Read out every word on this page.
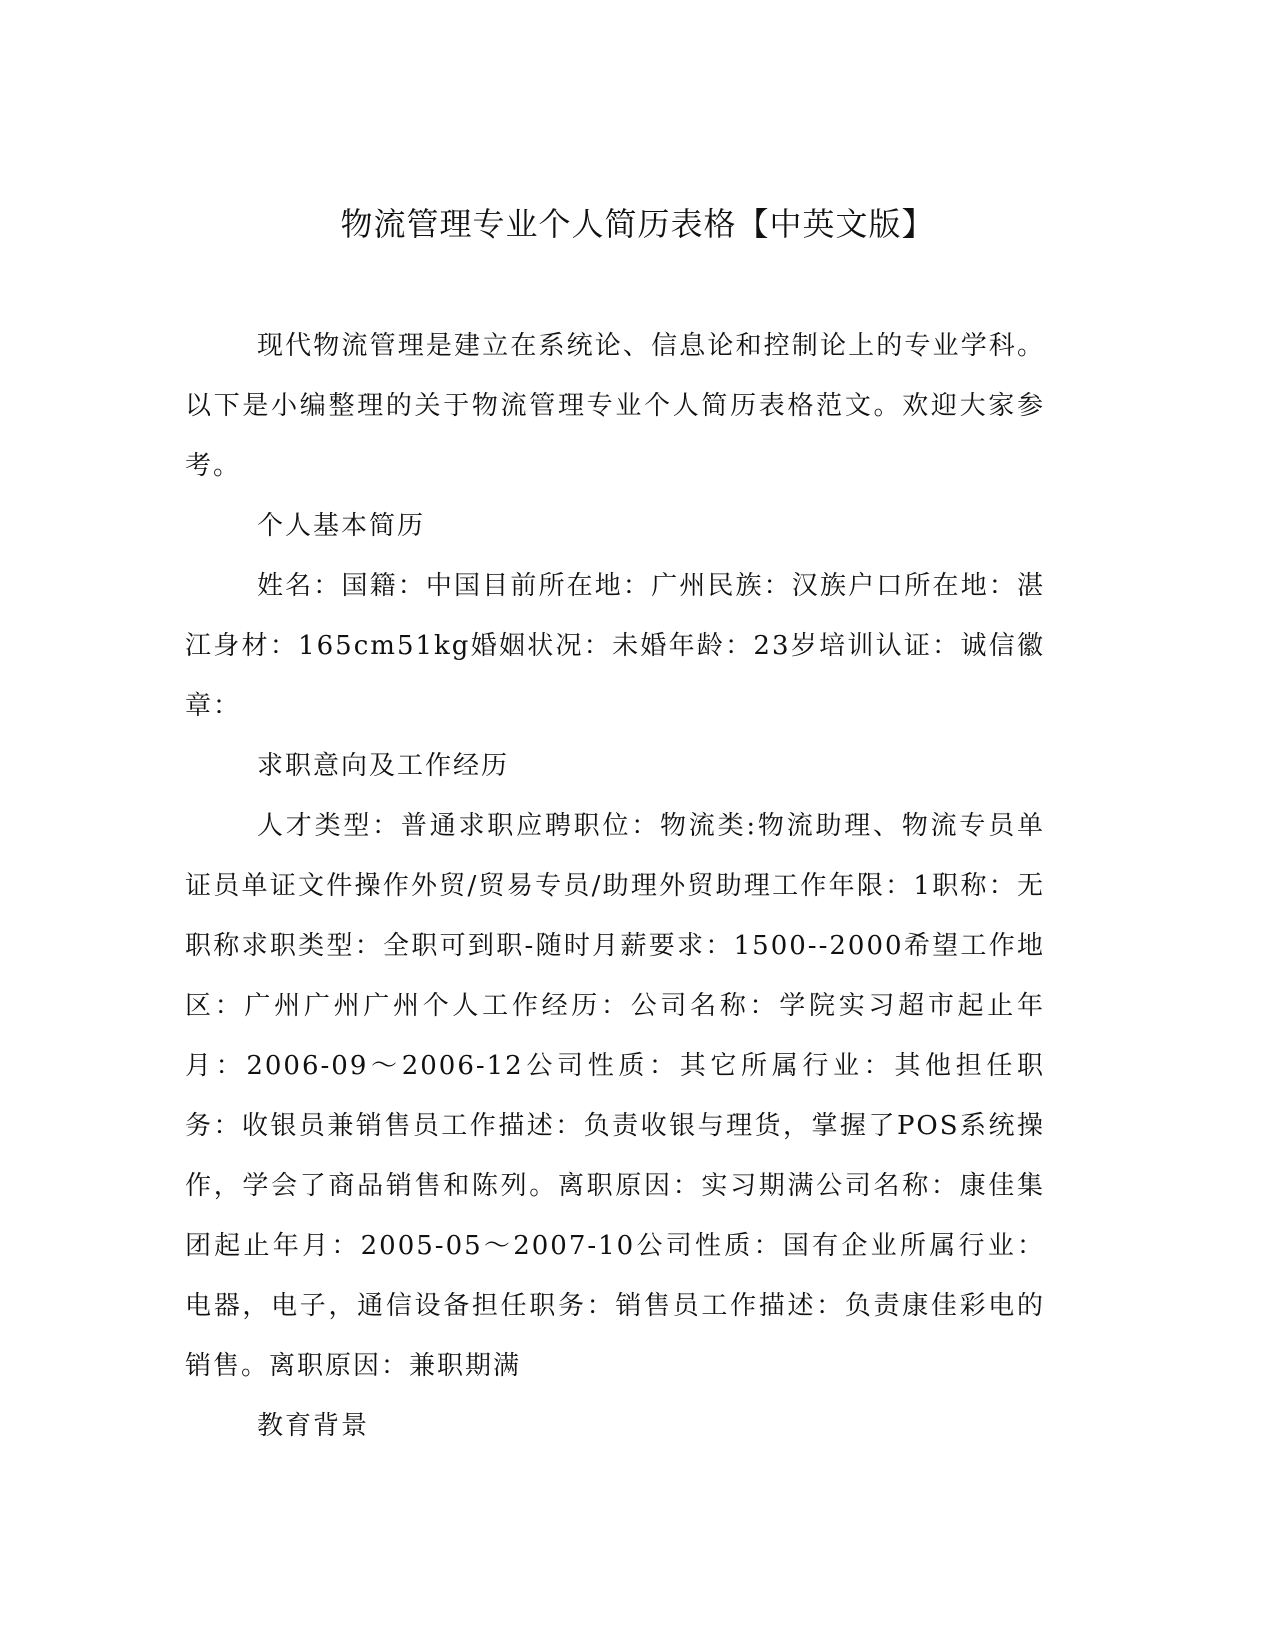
物流管理专业个人简历表格【中英文版】

现代物流管理是建立在系统论、信息论和控制论上的专业学科。以下是小编整理的关于物流管理专业个人简历表格范文。欢迎大家参考。

个人基本简历

姓名：国籍：中国目前所在地：广州民族：汉族户口所在地：湛江身材：165cm51kg婚姻状况：未婚年龄：23岁培训认证：诚信徽章：

求职意向及工作经历

人才类型：普通求职应聘职位：物流类:物流助理、物流专员单证员单证文件操作外贸/贸易专员/助理外贸助理工作年限：1职称：无职称求职类型：全职可到职-随时月薪要求：1500--2000希望工作地区：广州广州广州个人工作经历：公司名称：学院实习超市起止年月：2006-09～2006-12公司性质：其它所属行业：其他担任职务：收银员兼销售员工作描述：负责收银与理货，掌握了POS系统操作，学会了商品销售和陈列。离职原因：实习期满公司名称：康佳集团起止年月：2005-05～2007-10公司性质：国有企业所属行业：电器，电子，通信设备担任职务：销售员工作描述：负责康佳彩电的销售。离职原因：兼职期满

教育背景
